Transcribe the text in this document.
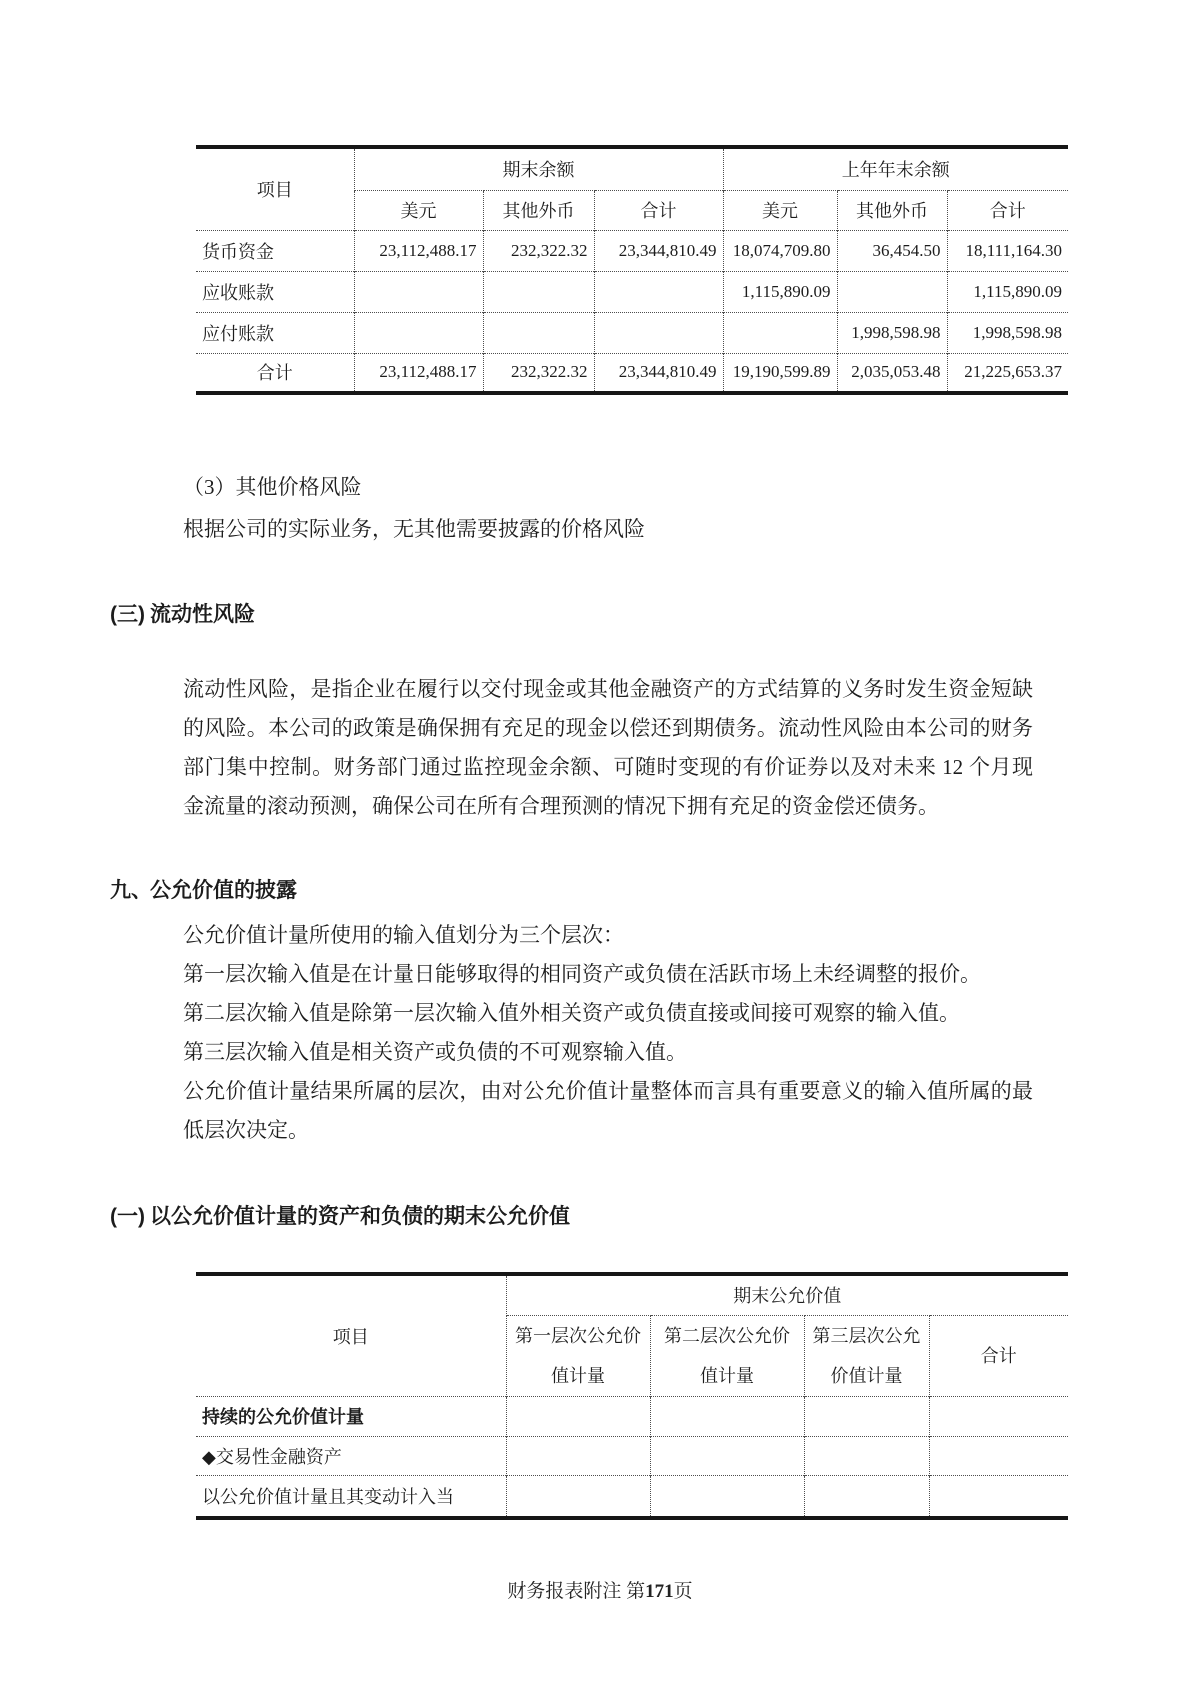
项目	期末余额			上年年末余额		
	美元	其他外币	合计	美元	其他外币	合计
货币资金	23,112,488.17	232,322.32	23,344,810.49	18,074,709.80	36,454.50	18,111,164.30
应收账款				1,115,890.09		1,115,890.09
应付账款					1,998,598.98	1,998,598.98
合计	23,112,488.17	232,322.32	23,344,810.49	19,190,599.89	2,035,053.48	21,225,653.37
（3）其他价格风险
根据公司的实际业务，无其他需要披露的价格风险
(三) 流动性风险
流动性风险，是指企业在履行以交付现金或其他金融资产的方式结算的义务时发生资金短缺的风险。本公司的政策是确保拥有充足的现金以偿还到期债务。流动性风险由本公司的财务部门集中控制。财务部门通过监控现金余额、可随时变现的有价证券以及对未来 12 个月现金流量的滚动预测，确保公司在所有合理预测的情况下拥有充足的资金偿还债务。
九、公允价值的披露
公允价值计量所使用的输入值划分为三个层次：
第一层次输入值是在计量日能够取得的相同资产或负债在活跃市场上未经调整的报价。
第二层次输入值是除第一层次输入值外相关资产或负债直接或间接可观察的输入值。
第三层次输入值是相关资产或负债的不可观察输入值。
公允价值计量结果所属的层次，由对公允价值计量整体而言具有重要意义的输入值所属的最低层次决定。
(一) 以公允价值计量的资产和负债的期末公允价值
项目	期末公允价值			
	第一层次公允价值计量	第二层次公允价值计量	第三层次公允价值计量	合计
持续的公允价值计量				
◆交易性金融资产				
以公允价值计量且其变动计入当				
财务报表附注 第171页
